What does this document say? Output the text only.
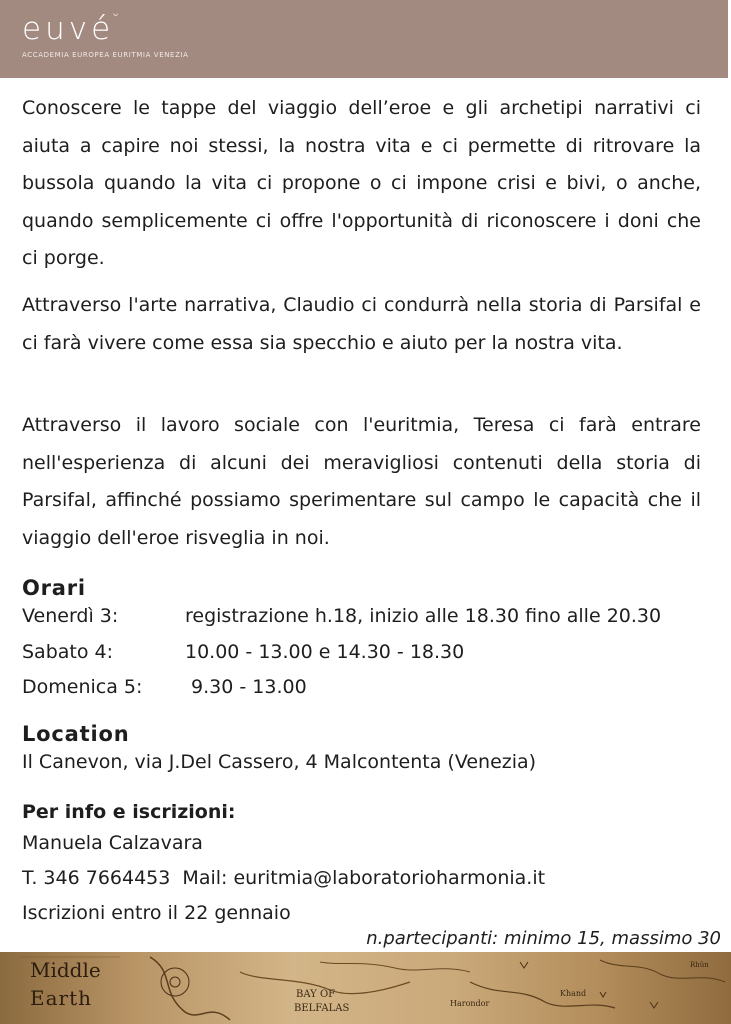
euvé˘

ACCADEMIA EUROPEA EURITMIA VENEZIA

Conoscere le tappe del viaggio dell’eroe e gli archetipi narrativi ci aiuta a capire noi stessi, la nostra vita e ci permette di ritrovare la bussola quando la vita ci propone o ci impone crisi e bivi, o anche, quando semplicemente ci offre l'opportunità di riconoscere i doni che ci porge.

Attraverso l'arte narrativa, Claudio ci condurrà nella storia di Parsifal e ci farà vivere come essa sia specchio e aiuto per la nostra vita.

Attraverso il lavoro sociale con l'euritmia, Teresa ci farà entrare nell'esperienza di alcuni dei meravigliosi contenuti della storia di Parsifal, affinché possiamo sperimentare sul campo le capacità che il viaggio dell'eroe risveglia in noi.

Orari
Venerdì 3:	registrazione h.18, inizio alle 18.30 fino alle 20.30
Sabato 4:	10.00 - 13.00 e 14.30 - 18.30
Domenica 5: 9.30 - 13.00
Location

Il Canevon, via J.Del Cassero, 4 Malcontenta (Venezia)

Per info e iscrizioni:

Manuela Calzavara

T. 346 7664453  Mail: euritmia@laboratorioharmonia.it

Iscrizioni entro il 22 gennaio

n.partecipanti: minimo 15, massimo 30

Middle

Earth	BAY OF

BELFALAS	Harondor

Khand

Rhûn
